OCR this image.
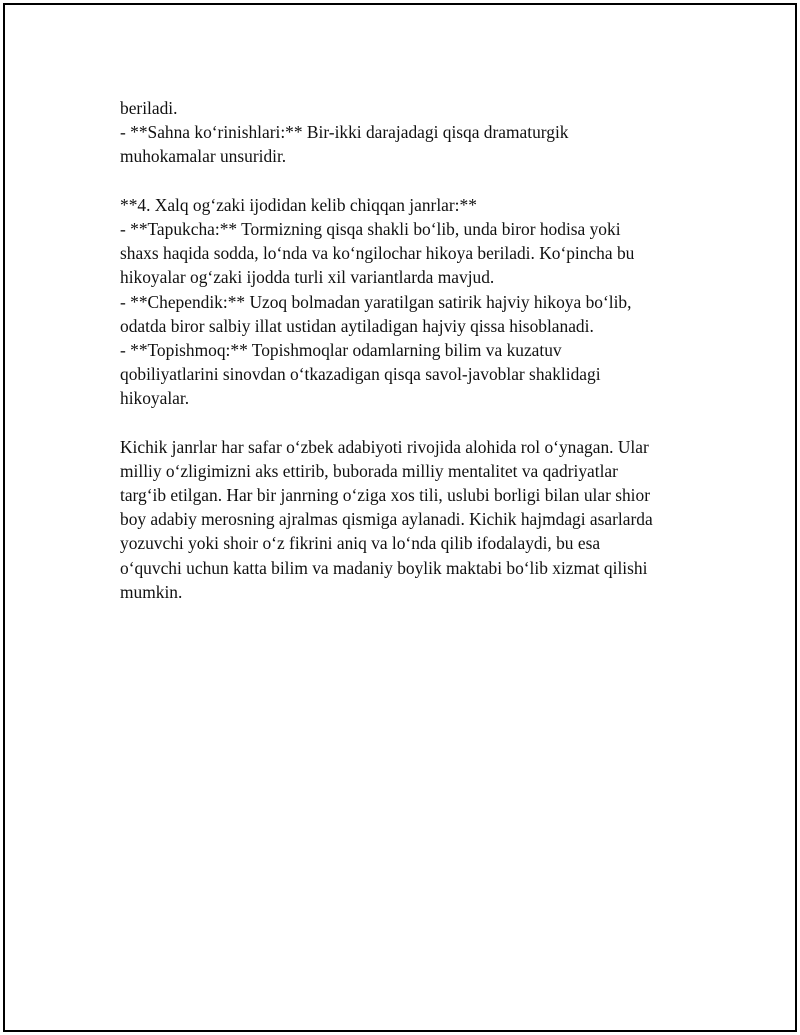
beriladi.
- **Sahna ko‘rinishlari:** Bir-ikki darajadagi qisqa dramaturgik
muhokamalar unsuridir.
**4. Xalq og‘zaki ijodidan kelib chiqqan janrlar:**
- **Tapukcha:** Tormizning qisqa shakli bo‘lib, unda biror hodisa yoki
shaxs haqida sodda, lo‘nda va ko‘ngilochar hikoya beriladi. Ko‘pincha bu
hikoyalar og‘zaki ijodda turli xil variantlarda mavjud.
- **Chependik:** Uzoq bolmadan yaratilgan satirik hajviy hikoya bo‘lib,
odatda biror salbiy illat ustidan aytiladigan hajviy qissa hisoblanadi.
- **Topishmoq:** Topishmoqlar odamlarning bilim va kuzatuv
qobiliyatlarini sinovdan o‘tkazadigan qisqa savol-javoblar shaklidagi
hikoyalar.
Kichik janrlar har safar o‘zbek adabiyoti rivojida alohida rol o‘ynagan. Ular
milliy o‘zligimizni aks ettirib, buborada milliy mentalitet va qadriyatlar
targ‘ib etilgan. Har bir janrning o‘ziga xos tili, uslubi borligi bilan ular shior
boy adabiy merosning ajralmas qismiga aylanadi. Kichik hajmdagi asarlarda
yozuvchi yoki shoir o‘z fikrini aniq va lo‘nda qilib ifodalaydi, bu esa
o‘quvchi uchun katta bilim va madaniy boylik maktabi bo‘lib xizmat qilishi
mumkin.
